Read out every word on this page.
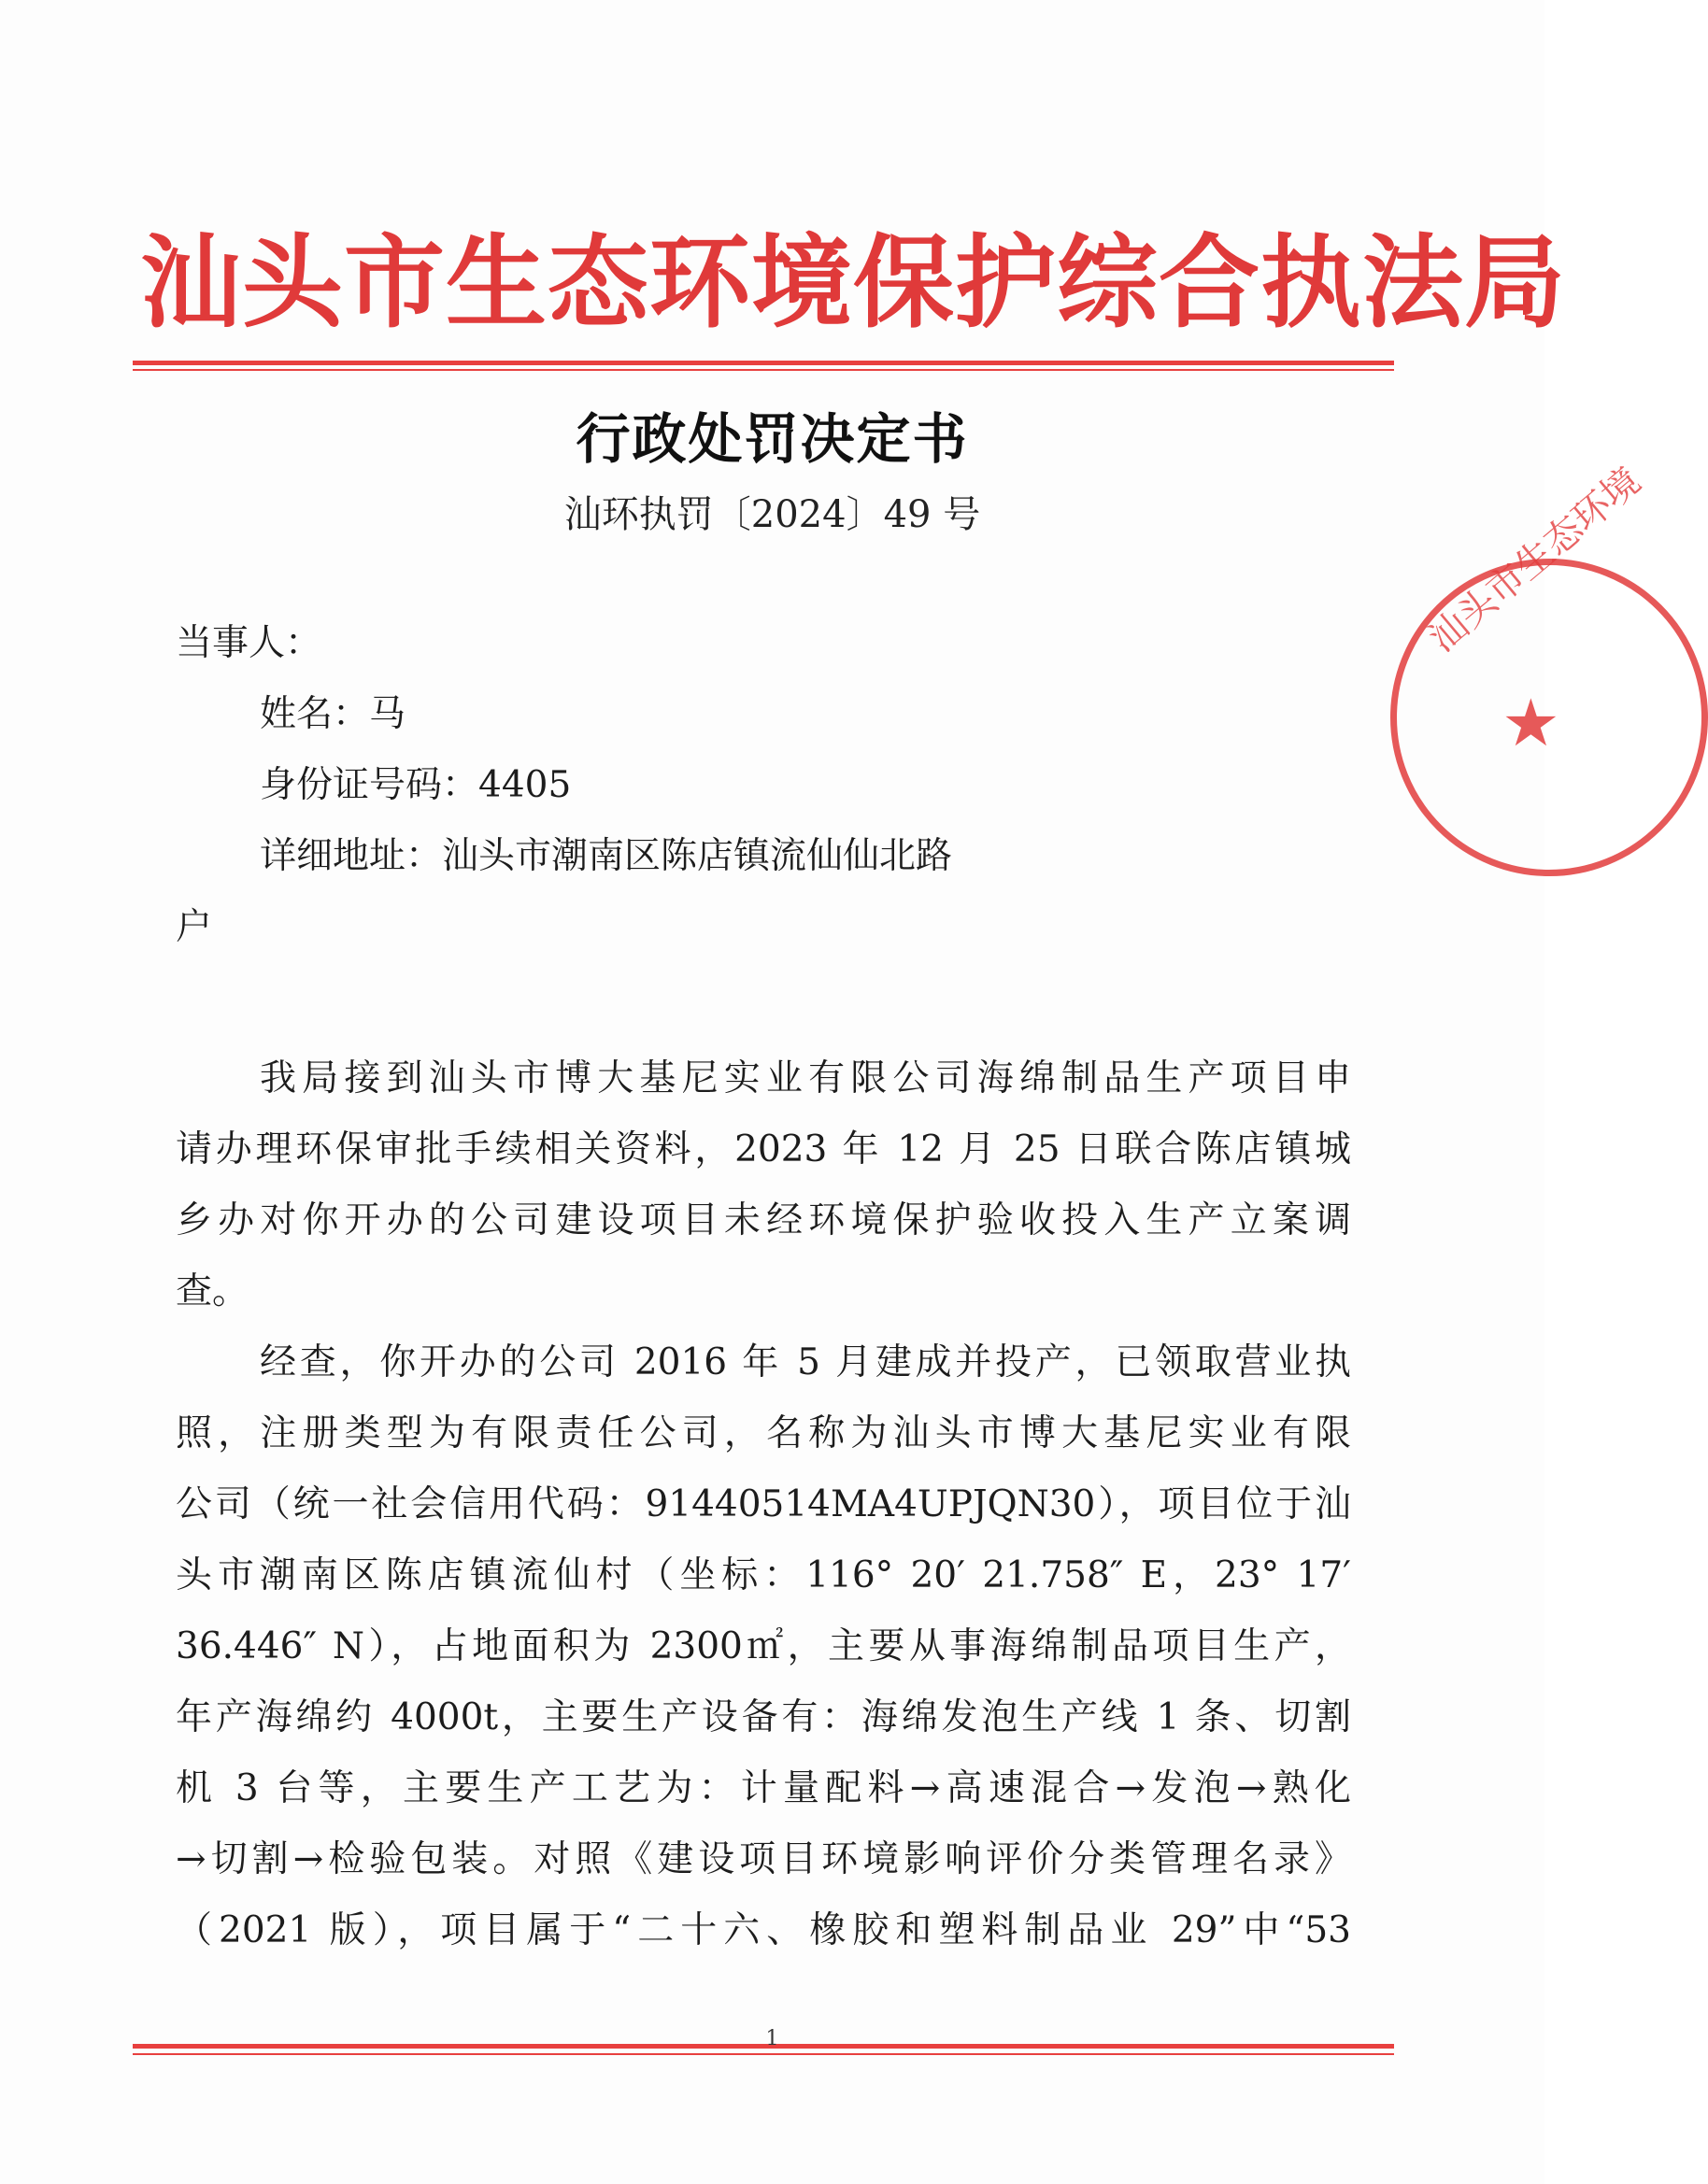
汕头市生态环境保护综合执法局
行政处罚决定书
汕环执罚〔2024〕49 号
当事人：
姓名：马
身份证号码：4405
详细地址：汕头市潮南区陈店镇流仙仙北路
户
我局接到汕头市博大基尼实业有限公司海绵制品生产项目申
请办理环保审批手续相关资料，2023 年 12 月 25 日联合陈店镇城
乡办对你开办的公司建设项目未经环境保护验收投入生产立案调
查。
经查，你开办的公司 2016 年 5 月建成并投产，已领取营业执
照，注册类型为有限责任公司，名称为汕头市博大基尼实业有限
公司（统一社会信用代码：91440514MA4UPJQN30），项目位于汕
头市潮南区陈店镇流仙村（坐标：116° 20′ 21.758″ E，23° 17′
36.446″ N），占地面积为 2300㎡，主要从事海绵制品项目生产，
年产海绵约 4000t，主要生产设备有：海绵发泡生产线 1 条、切割
机 3 台等，主要生产工艺为：计量配料→高速混合→发泡→熟化
→切割→检验包装。对照《建设项目环境影响评价分类管理名录》
（2021 版），项目属于“二十六、橡胶和塑料制品业 29”中“53
1
汕头市生态环境
★
